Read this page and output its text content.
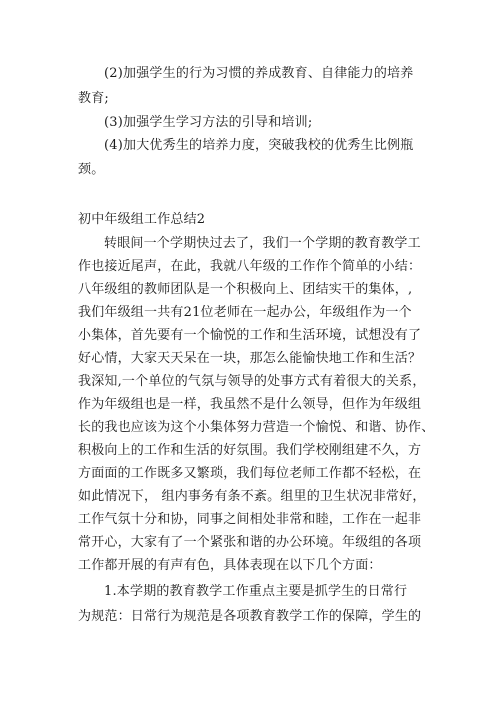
(2)加强学生的行为习惯的养成教育、自律能力的培养
教育;
(3)加强学生学习方法的引导和培训;
(4)加大优秀生的培养力度，突破我校的优秀生比例瓶
颈。
初中年级组工作总结2
转眼间一个学期快过去了，我们一个学期的教育教学工
作也接近尾声，在此，我就八年级的工作作个简单的小结：
八年级组的教师团队是一个积极向上、团结实干的集体，,
我们年级组一共有21位老师在一起办公，年级组作为一个
小集体，首先要有一个愉悦的工作和生活环境，试想没有了
好心情，大家天天呆在一块，那怎么能愉快地工作和生活？
我深知,一个单位的气氛与领导的处事方式有着很大的关系，
作为年级组也是一样，我虽然不是什么领导，但作为年级组
长的我也应该为这个小集体努力营造一个愉悦、和谐、协作、
积极向上的工作和生活的好氛围。我们学校刚组建不久，方
方面面的工作既多又繁琐，我们每位老师工作都不轻松，在
如此情况下， 组内事务有条不紊。组里的卫生状况非常好，
工作气氛十分和协，同事之间相处非常和睦，工作在一起非
常开心，大家有了一个紧张和谐的办公环境。年级组的各项
工作都开展的有声有色，具体表现在以下几个方面：
1.本学期的教育教学工作重点主要是抓学生的日常行
为规范：日常行为规范是各项教育教学工作的保障，学生的
